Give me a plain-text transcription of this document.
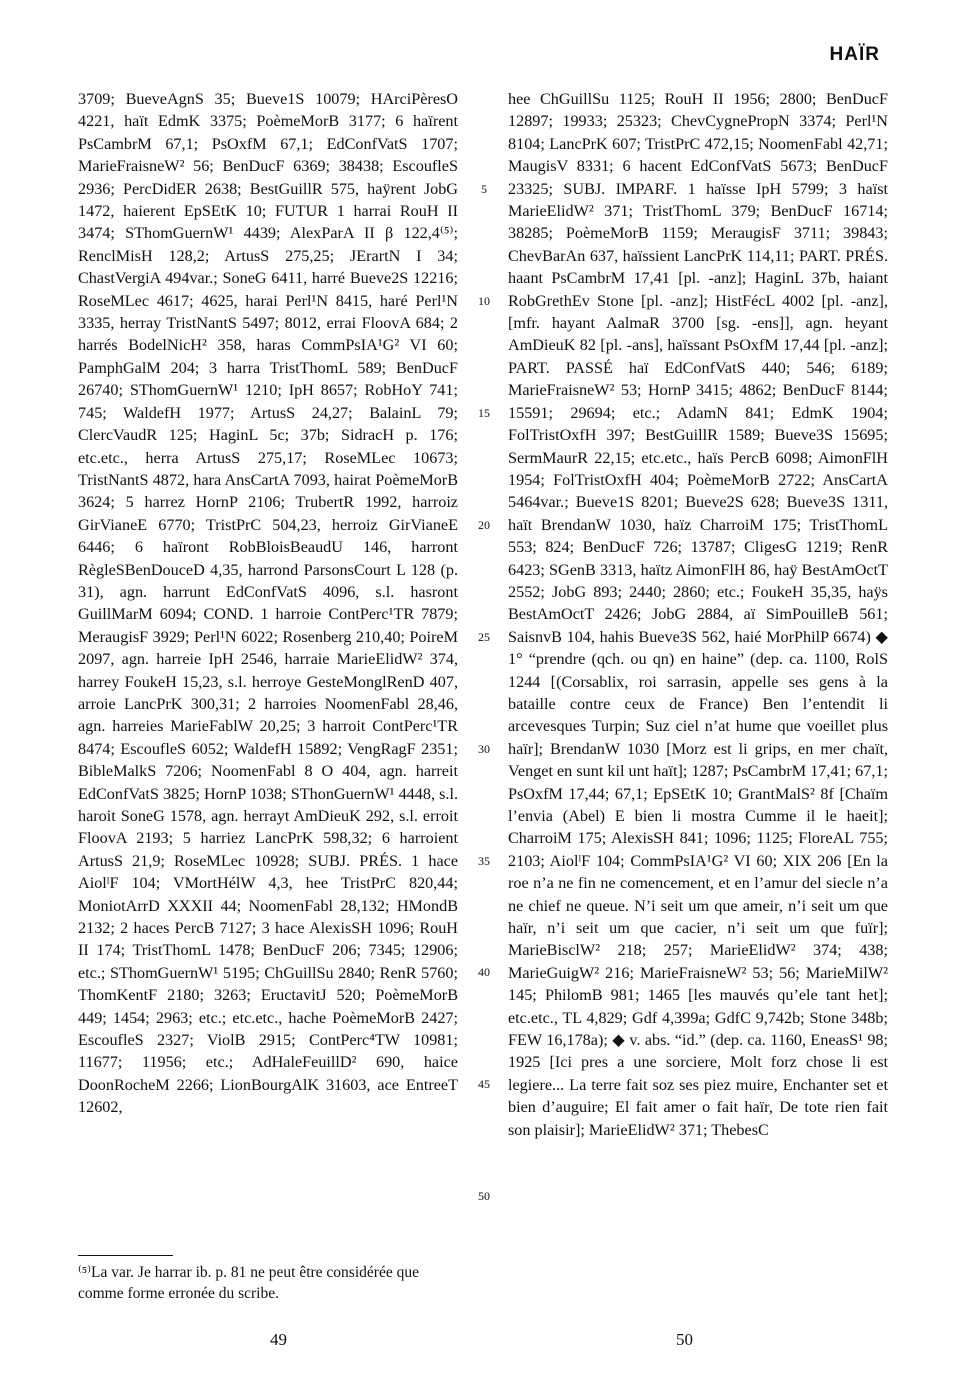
HAÏR

3709; BueveAgnS 35; Bueve1S 10079; HArciPèresO 4221, haït EdmK 3375; PoèmeMorB 3177; 6 haïrent PsCambrM 67,1; PsOxfM 67,1; EdConfVatS 1707; MarieFraisneW² 56; BenDucF 6369; 38438; EscoufleS 2936; PercDidER 2638; BestGuillR 575, haÿrent JobG 1472, haierent EpSEtK 10; FUTUR 1 harrai RouH II 3474; SThomGuernW¹ 4439; AlexParA II β 122,4⁽⁵⁾; RenclMisH 128,2; ArtusS 275,25; JErartN I 34; ChastVergiA 494var.; SoneG 6411, harré Bueve2S 12216; RoseMLec 4617; 4625, harai Perl¹N 8415, haré Perl¹N 3335, herray TristNantS 5497; 8012, errai FloovA 684; 2 harrés BodelNicH² 358, haras CommPsIA¹G² VI 60; PamphGalM 204; 3 harra TristThomL 589; BenDucF 26740; SThomGuernW¹ 1210; IpH 8657; RobHoY 741; 745; WaldefH 1977; ArtusS 24,27; BalainL 79; ClercVaudR 125; HaginL 5c; 37b; SidracH p. 176; etc.etc., herra ArtusS 275,17; RoseMLec 10673; TristNantS 4872, hara AnsCartA 7093, hairat PoèmeMorB 3624; 5 harrez HornP 2106; TrubertR 1992, harroiz GirVianeE 6770; TristPrC 504,23, herroiz GirVianeE 6446; 6 haïront RobBloisBeaudU 146, harront RègleSBenDouceD 4,35, harrond ParsonsCourt L 128 (p. 31), agn. harrunt EdConfVatS 4096, s.l. hasront GuillMarM 6094; COND. 1 harroie ContPerc¹TR 7879; MeraugisF 3929; Perl¹N 6022; Rosenberg 210,40; PoireM 2097, agn. harreie IpH 2546, harraie MarieElidW² 374, harrey FoukeH 15,23, s.l. herroye GesteMonglRenD 407, arroie LancPrK 300,31; 2 harroies NoomenFabl 28,46, agn. harreies MarieFablW 20,25; 3 harroit ContPerc¹TR 8474; EscoufleS 6052; WaldefH 15892; VengRagF 2351; BibleMalkS 7206; NoomenFabl 8 O 404, agn. harreit EdConfVatS 3825; HornP 1038; SThonGuernW¹ 4448, s.l. haroit SoneG 1578, agn. herrayt AmDieuK 292, s.l. erroit FloovA 2193; 5 harriez LancPrK 598,32; 6 harroient ArtusS 21,9; RoseMLec 10928; SUBJ. PRÉS. 1 hace AiolˡF 104; VMortHélW 4,3, hee TristPrC 820,44; MoniotArrD XXXII 44; NoomenFabl 28,132; HMondB 2132; 2 haces PercB 7127; 3 hace AlexisSH 1096; RouH II 174; TristThomL 1478; BenDucF 206; 7345; 12906; etc.; SThomGuernW¹ 5195; ChGuillSu 2840; RenR 5760; ThomKentF 2180; 3263; EructavitJ 520; PoèmeMorB 449; 1454; 2963; etc.; etc.etc., hache PoèmeMorB 2427; EscoufleS 2327; ViolB 2915; ContPerc⁴TW 10981; 11677; 11956; etc.; AdHaleFeuillD² 690, haice DoonRocheM 2266; LionBourgAlK 31603, ace EntreeT 12602,

5
10
15
20
25
30
35
40
45
50

hee ChGuillSu 1125; RouH II 1956; 2800; BenDucF 12897; 19933; 25323; ChevCygnePropN 3374; Perl¹N 8104; LancPrK 607; TristPrC 472,15; NoomenFabl 42,71; MaugisV 8331; 6 hacent EdConfVatS 5673; BenDucF 23325; SUBJ. IMPARF. 1 haïsse IpH 5799; 3 haïst MarieElidW² 371; TristThomL 379; BenDucF 16714; 38285; PoèmeMorB 1159; MeraugisF 3711; 39843; ChevBarAn 637, haïssient LancPrK 114,11; PART. PRÉS. haant PsCambrM 17,41 [pl. -anz]; HaginL 37b, haiant RobGrethEv Stone [pl. -anz]; HistFécL 4002 [pl. -anz], [mfr. hayant AalmaR 3700 [sg. -ens]], agn. heyant AmDieuK 82 [pl. -ans], haïssant PsOxfM 17,44 [pl. -anz]; PART. PASSÉ haï EdConfVatS 440; 546; 6189; MarieFraisneW² 53; HornP 3415; 4862; BenDucF 8144; 15591; 29694; etc.; AdamN 841; EdmK 1904; FolTristOxfH 397; BestGuillR 1589; Bueve3S 15695; SermMaurR 22,15; etc.etc., haïs PercB 6098; AimonFlH 1954; FolTristOxfH 404; PoèmeMorB 2722; AnsCartA 5464var.; Bueve1S 8201; Bueve2S 628; Bueve3S 1311, haït BrendanW 1030, haïz CharroiM 175; TristThomL 553; 824; BenDucF 726; 13787; CligesG 1219; RenR 6423; SGenB 3313, haïtz AimonFlH 86, haÿ BestAmOctT 2552; JobG 893; 2440; 2860; etc.; FoukeH 35,35, haÿs BestAmOctT 2426; JobG 2884, aï SimPouilleB 561; SaisnvB 104, hahis Bueve3S 562, haié MorPhilP 6674) ◆ 1° “prendre (qch. ou qn) en haine” (dep. ca. 1100, RolS 1244 [(Corsablix, roi sarrasin, appelle ses gens à la bataille contre ceux de France) Ben l’entendit li arcevesques Turpin; Suz ciel n’at hume que voeillet plus haïr]; BrendanW 1030 [Morz est li grips, en mer chaït, Venget en sunt kil unt haït]; 1287; PsCambrM 17,41; 67,1; PsOxfM 17,44; 67,1; EpSEtK 10; GrantMalS² 8f [Chaïm l’envia (Abel) E bien li mostra Cumme il le haeit]; CharroiM 175; AlexisSH 841; 1096; 1125; FloreAL 755; 2103; AiolˡF 104; CommPsIA¹G² VI 60; XIX 206 [En la roe n’a ne fin ne comencement, et en l’amur del siecle n’a ne chief ne queue. N’i seit um que ameir, n’i seit um que haïr, n’i seit um que cacier, n’i seit um que fuïr]; MarieBisclW² 218; 257; MarieElidW² 374; 438; MarieGuigW² 216; MarieFraisneW² 53; 56; MarieMilW² 145; PhilomB 981; 1465 [les mauvés qu’ele tant het]; etc.etc., TL 4,829; Gdf 4,399a; GdfC 9,742b; Stone 348b; FEW 16,178a); ◆ v. abs. “id.” (dep. ca. 1160, EneasS¹ 98; 1925 [Ici pres a une sorciere, Molt forz chose li est legiere... La terre fait soz ses piez muire, Enchanter set et bien d’auguire; El fait amer o fait haïr, De tote rien fait son plaisir]; MarieElidW² 371; ThebesC

⁽⁵⁾La var. Je harrar ib. p. 81 ne peut être considérée que comme forme erronée du scribe.
49	50
